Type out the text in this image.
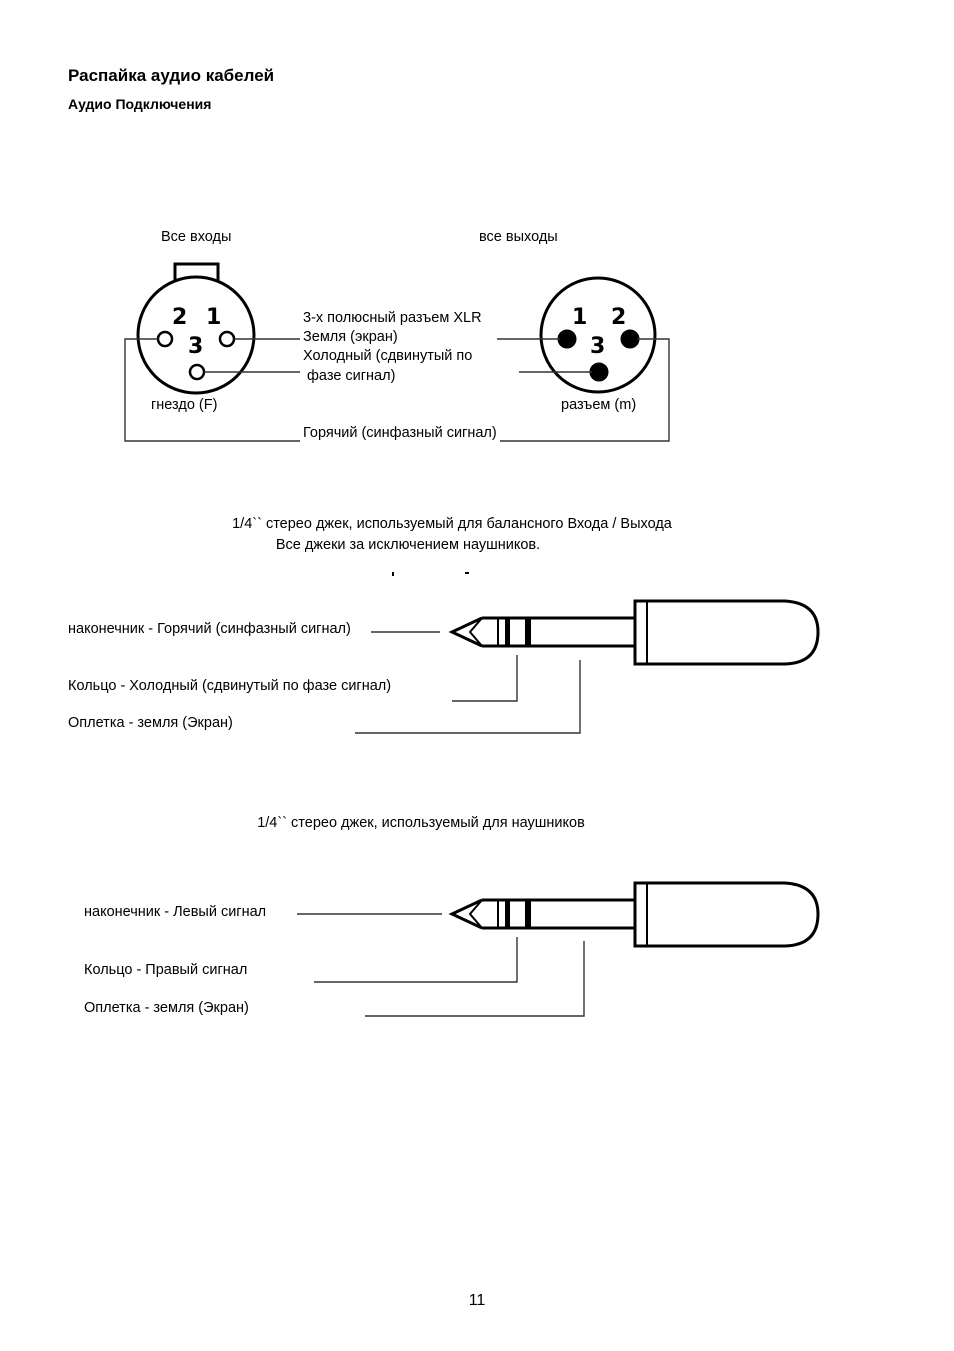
Распайка аудио кабелей
Аудио Подключения
2 1
3
1 2
3
Все входы	все выходы
3-х полюсный разъем XLR
Земля (экран)
Холодный (сдвинутый по
фазе сигнал)
гнездо (F)	разъем (m)
Горячий (синфазный сигнал)
1/4`` стерео джек, используемый для балансного Входа / Выхода
Все джеки за исключением наушников.
наконечник - Горячий (синфазный сигнал)
Кольцо - Холодный (сдвинутый по фазе сигнал)
Оплетка - земля (Экран)
1/4`` стерео джек, используемый для наушников
наконечник - Левый сигнал
Кольцо - Правый сигнал
Оплетка - земля (Экран)
11
